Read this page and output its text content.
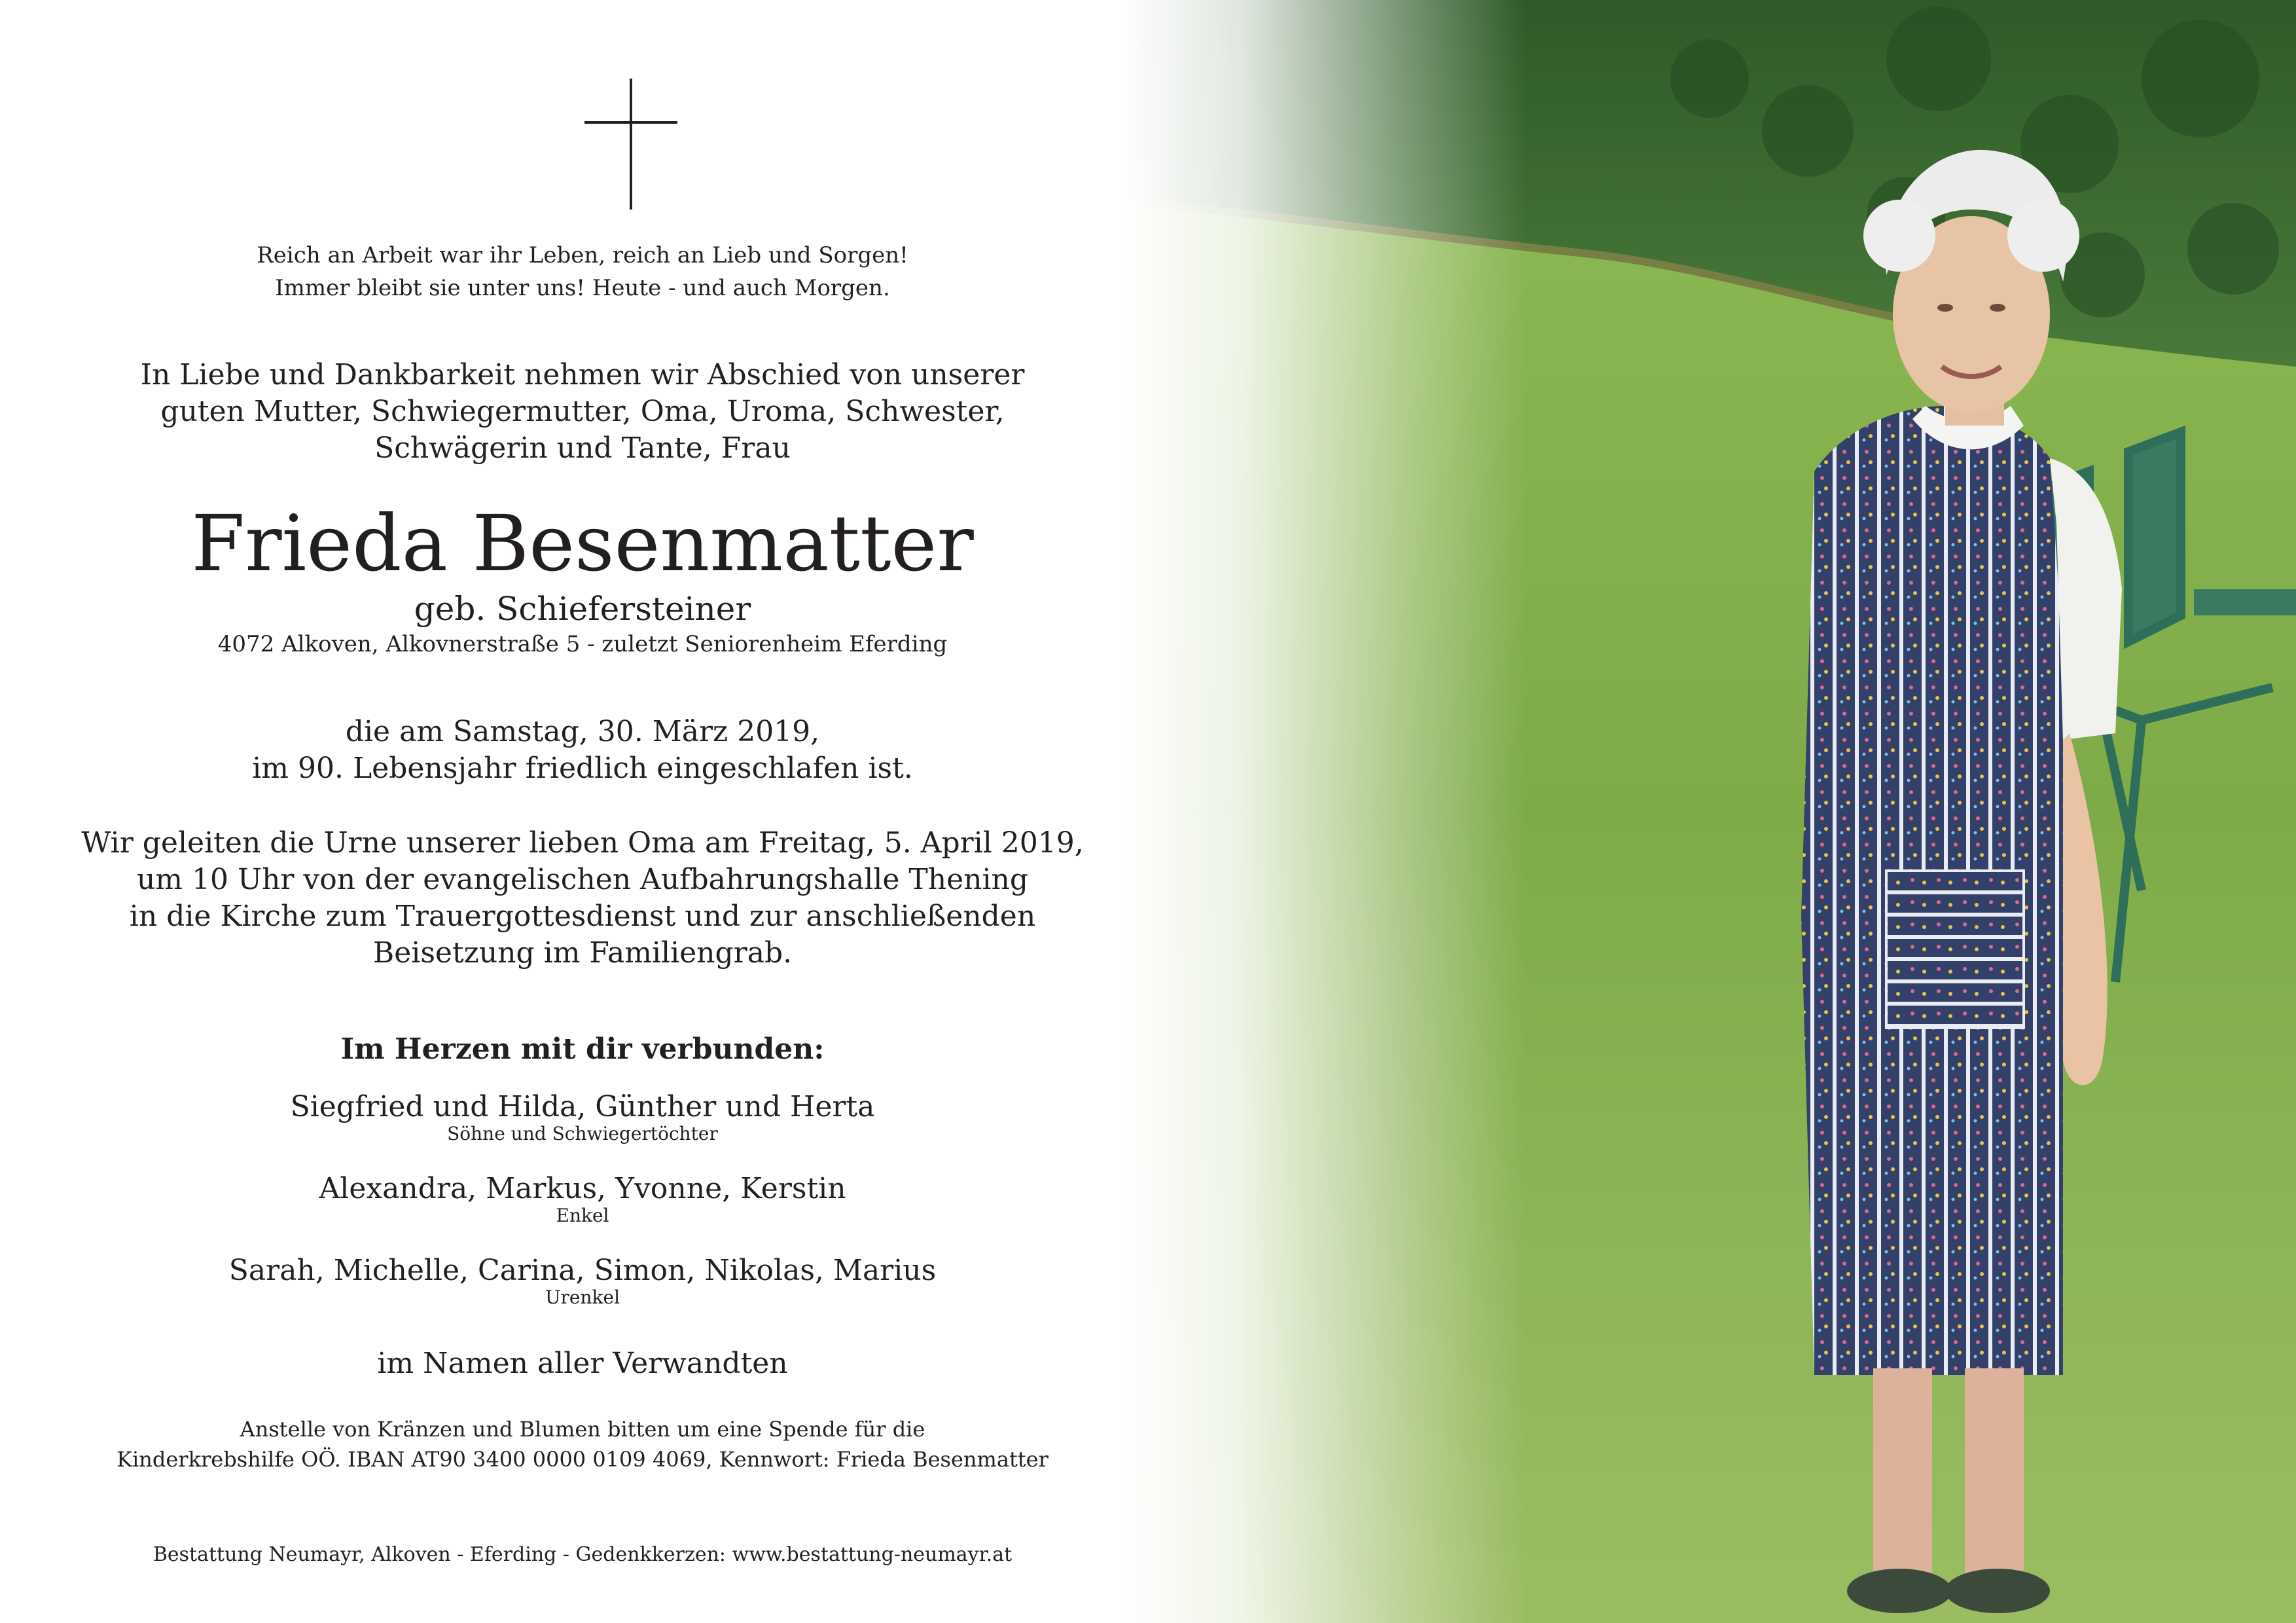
Reich an Arbeit war ihr Leben, reich an Lieb und Sorgen!
Immer bleibt sie unter uns! Heute - und auch Morgen.
In Liebe und Dankbarkeit nehmen wir Abschied von unserer
guten Mutter, Schwiegermutter, Oma, Uroma, Schwester,
Schwägerin und Tante, Frau
Frieda Besenmatter
geb. Schiefersteiner
4072 Alkoven, Alkovnerstraße 5 - zuletzt Seniorenheim Eferding
die am Samstag, 30. März 2019,
im 90. Lebensjahr friedlich eingeschlafen ist.
Wir geleiten die Urne unserer lieben Oma am Freitag, 5. April 2019,
um 10 Uhr von der evangelischen Aufbahrungshalle Thening
in die Kirche zum Trauergottesdienst und zur anschließenden
Beisetzung im Familiengrab.
Im Herzen mit dir verbunden:
Siegfried und Hilda, Günther und Herta
Söhne und Schwiegertöchter
Alexandra, Markus, Yvonne, Kerstin
Enkel
Sarah, Michelle, Carina, Simon, Nikolas, Marius
Urenkel
im Namen aller Verwandten
Anstelle von Kränzen und Blumen bitten um eine Spende für die
Kinderkrebshilfe OÖ. IBAN AT90 3400 0000 0109 4069, Kennwort: Frieda Besenmatter
Bestattung Neumayr, Alkoven - Eferding - Gedenkkerzen: www.bestattung-neumayr.at
